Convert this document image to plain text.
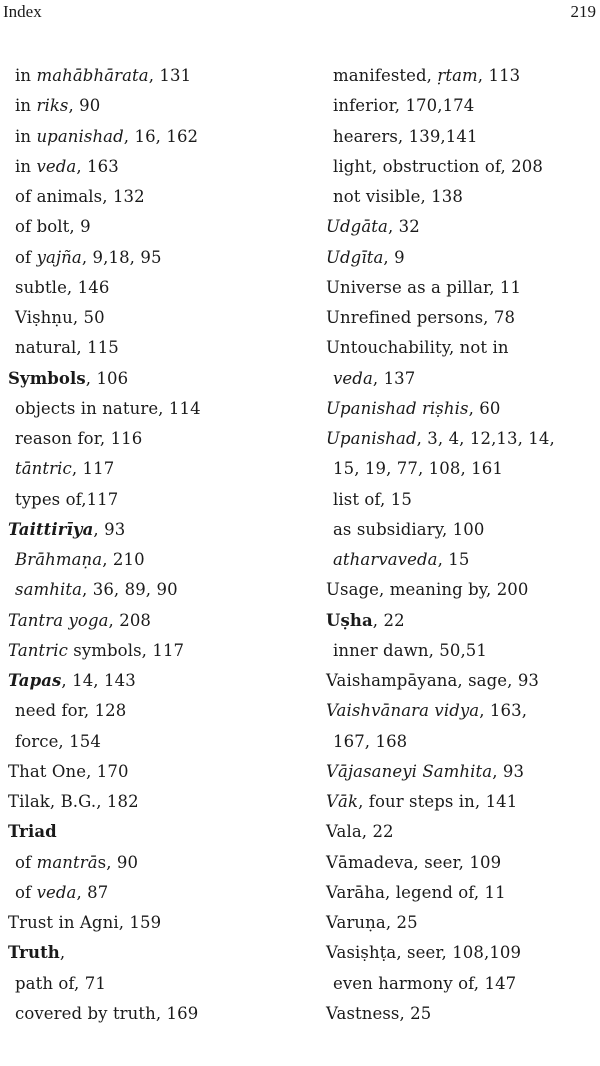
Index	219
in mahābhārata, 131
in riks, 90
in upanishad, 16, 162
in veda, 163
of animals, 132
of bolt, 9
of yajña, 9,18, 95
subtle, 146
Viṣhṇu, 50
natural, 115
Symbols, 106
objects in nature, 114
reason for, 116
tāntric, 117
types of,117
Taittirīya, 93
Brāhmaṇa, 210
samhita, 36, 89, 90
Tantra yoga, 208
Tantric symbols, 117
Tapas, 14, 143
need for, 128
force, 154
That One, 170
Tilak, B.G., 182
Triad
of mantrās, 90
of veda, 87
Trust in Agni, 159
Truth,
path of, 71
covered by truth, 169
manifested, ṛtam, 113
inferior, 170,174
hearers, 139,141
light, obstruction of, 208
not visible, 138
Udgāta, 32
Udgīta, 9
Universe as a pillar, 11
Unrefined persons, 78
Untouchability, not in
veda, 137
Upanishad riṣhis, 60
Upanishad, 3, 4, 12,13, 14,
15, 19, 77, 108, 161
list of, 15
as subsidiary, 100
atharvaveda, 15
Usage, meaning by, 200
Uṣha, 22
inner dawn, 50,51
Vaishampāyana, sage, 93
Vaishvānara vidya, 163,
167, 168
Vājasaneyi Samhita, 93
Vāk, four steps in, 141
Vala, 22
Vāmadeva, seer, 109
Varāha, legend of, 11
Varuṇa, 25
Vasiṣhṭa, seer, 108,109
even harmony of, 147
Vastness, 25
